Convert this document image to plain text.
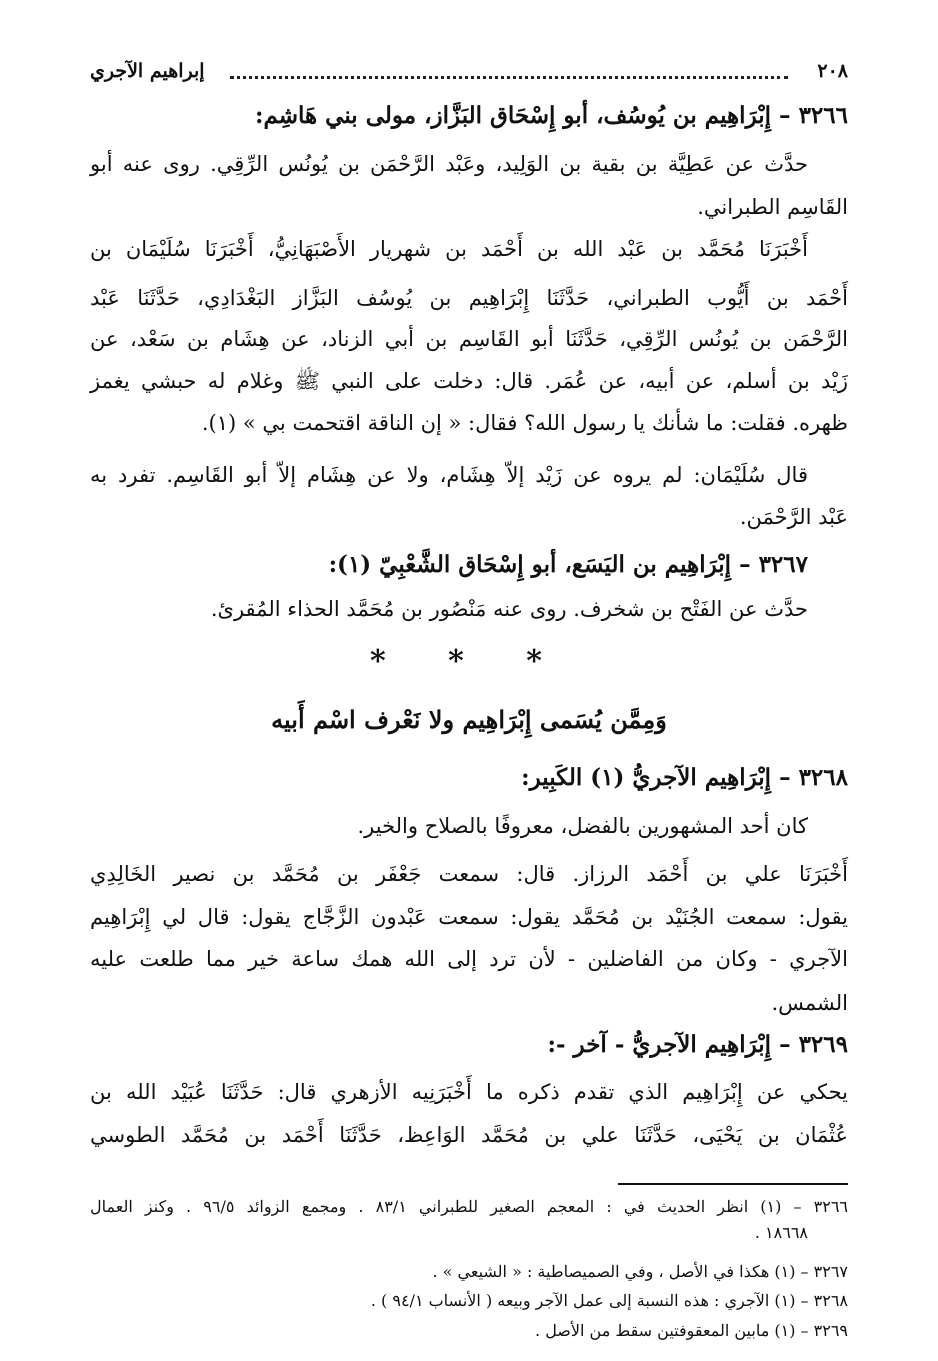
٢٠٨
إبراهيم الآجري
٣٢٦٦ – إِبْرَاهِيم بن يُوسُف، أبو إِسْحَاق البَزَّاز، مولى بني هَاشِم:
حدَّث عن عَطِيَّة بن بقية بن الوَلِيد، وعَبْد الرَّحْمَن بن يُونُس الرِّقِي. روى عنه أبو
القَاسِم الطبراني.
أَخْبَرَنَا مُحَمَّد بن عَبْد الله بن أَحْمَد بن شهريار الأَصْبَهَانِيُّ، أَخْبَرَنَا سُلَيْمَان بن
أَحْمَد بن أَيُّوب الطبراني، حَدَّثَنَا إِبْرَاهِيم بن يُوسُف البَزَّاز البَغْدَادِي، حَدَّثَنَا عَبْد
الرَّحْمَن بن يُونُس الرِّقِي، حَدَّثَنَا أبو القَاسِم بن أبي الزناد، عن هِشَام بن سَعْد، عن
زَيْد بن أسلم، عن أبيه، عن عُمَر. قال: دخلت على النبي ﷺ وغلام له حبشي يغمز
ظهره. فقلت: ما شأنك يا رسول الله؟ فقال: « إن الناقة اقتحمت بي » (١).
قال سُلَيْمَان: لم يروه عن زَيْد إلاّ هِشَام، ولا عن هِشَام إلاّ أبو القَاسِم. تفرد به
عَبْد الرَّحْمَن.
٣٢٦٧ – إِبْرَاهِيم بن اليَسَع، أبو إِسْحَاق الشَّعْبِيّ (١):
حدَّث عن الفَتْح بن شخرف. روى عنه مَنْصُور بن مُحَمَّد الحذاء المُقرئ.
* * *
وَمِمَّن يُسَمى إِبْرَاهِيم ولا نَعْرف اسْم أَبيه
٣٢٦٨ – إِبْرَاهِيم الآجريُّ (١) الكَبِير:
كان أحد المشهورين بالفضل، معروفًا بالصلاح والخير.
أَخْبَرَنَا علي بن أَحْمَد الرزاز. قال: سمعت جَعْفَر بن مُحَمَّد بن نصير الخَالِدِي
يقول: سمعت الجُنَيْد بن مُحَمَّد يقول: سمعت عَبْدون الزَّجَّاج يقول: قال لي إِبْرَاهِيم
الآجري - وكان من الفاضلين - لأن ترد إلى الله همك ساعة خير مما طلعت عليه
الشمس.
٣٢٦٩ – إِبْرَاهِيم الآجريُّ - آخر -:
يحكي عن إِبْرَاهِيم الذي تقدم ذكره ما أَخْبَرَنِيه الأزهري قال: حَدَّثَنَا عُبَيْد الله بن
عُثْمَان بن يَحْيَى، حَدَّثَنَا علي بن مُحَمَّد الوَاعِظ، حَدَّثَنَا أَحْمَد بن مُحَمَّد الطوسي
٣٢٦٦ – (١) انظر الحديث في : المعجم الصغير للطبراني ٨٣/١ . ومجمع الزوائد ٩٦/٥ . وكنز العمال
١٨٦٦٨ .
٣٢٦٧ – (١) هكذا في الأصل ، وفي الصميصاطية : « الشيعي » .
٣٢٦٨ – (١) الآجري : هذه النسبة إلى عمل الآجر وبيعه ( الأنساب ٩٤/١ ) .
٣٢٦٩ – (١) مابين المعقوفتين سقط من الأصل .
